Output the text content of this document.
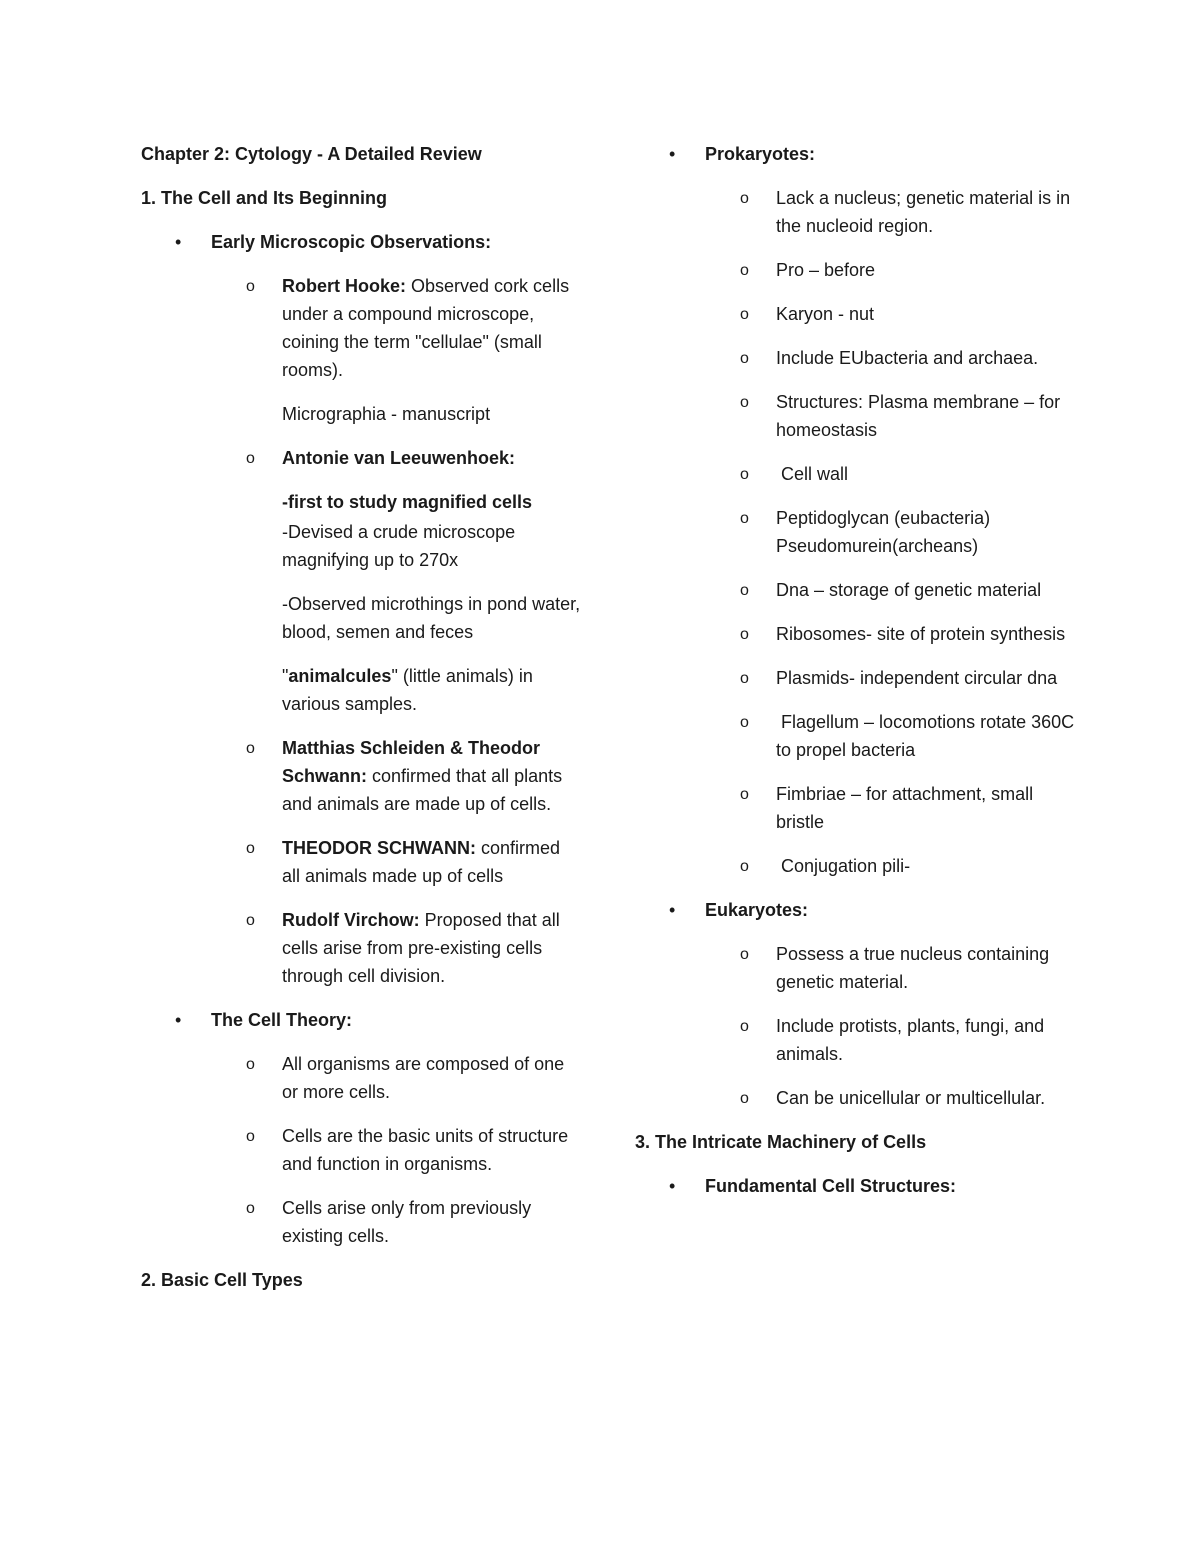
Chapter 2: Cytology - A Detailed Review

1. The Cell and Its Beginning

• Early Microscopic Observations:

o Robert Hooke: Observed cork cells under a compound microscope, coining the term "cellulae" (small rooms).

Micrographia - manuscript

o Antonie van Leeuwenhoek:

-first to study magnified cells

-Devised a crude microscope magnifying up to 270x

-Observed microthings in pond water, blood, semen and feces

"animalcules" (little animals) in various samples.

o Matthias Schleiden & Theodor Schwann: confirmed that all plants and animals are made up of cells.
o THEODOR SCHWANN: confirmed all animals made up of cells
o Rudolf Virchow: Proposed that all cells arise from pre-existing cells through cell division.

• The Cell Theory:

o All organisms are composed of one or more cells.
o Cells are the basic units of structure and function in organisms.
o Cells arise only from previously existing cells.

2. Basic Cell Types

• Prokaryotes:

o Lack a nucleus; genetic material is in the nucleoid region.
o Pro – before
o Karyon - nut
o Include EUbacteria and archaea.
o Structures: Plasma membrane – for homeostasis
o Cell wall
o Peptidoglycan (eubacteria) Pseudomurein(archeans)
o Dna – storage of genetic material
o Ribosomes- site of protein synthesis
o Plasmids- independent circular dna
o Flagellum – locomotions rotate 360C to propel bacteria
o Fimbriae – for attachment, small bristle
o Conjugation pili-

• Eukaryotes:

o Possess a true nucleus containing genetic material.
o Include protists, plants, fungi, and animals.
o Can be unicellular or multicellular.

3. The Intricate Machinery of Cells

• Fundamental Cell Structures:
